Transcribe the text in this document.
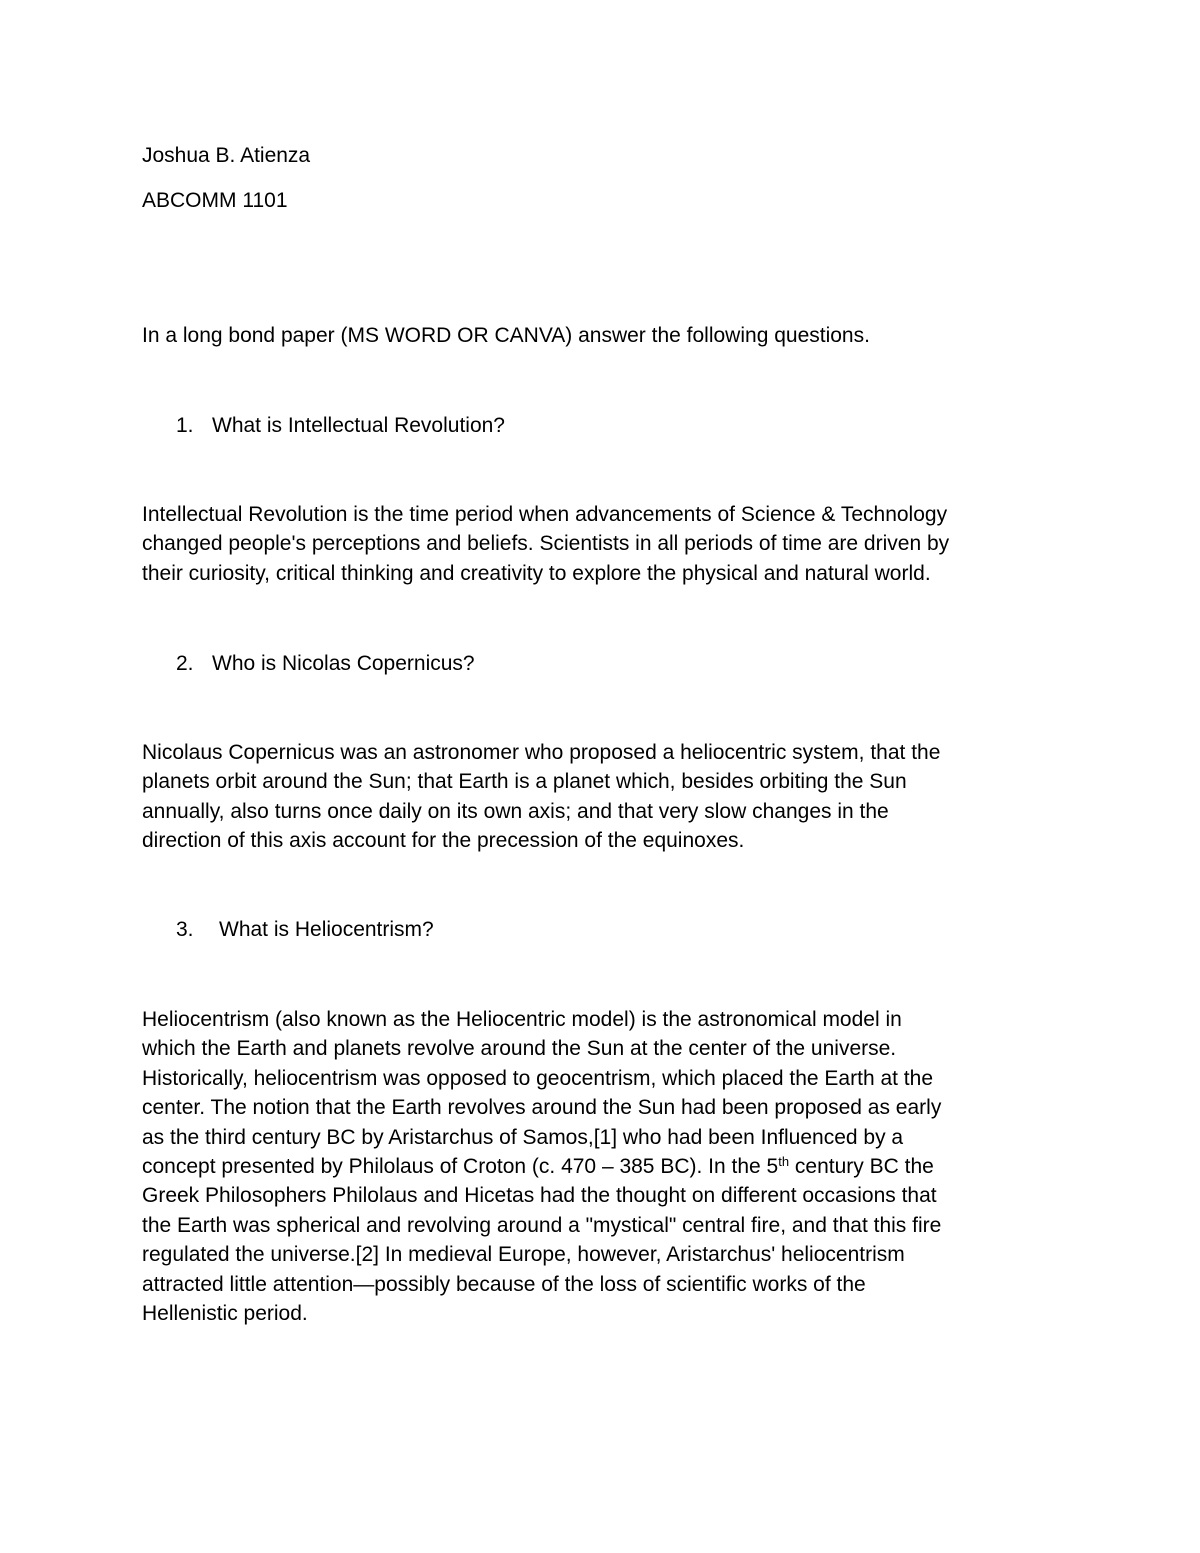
Joshua B. Atienza
ABCOMM 1101
In a long bond paper (MS WORD OR CANVA) answer the following questions.
1. What is Intellectual Revolution?
Intellectual Revolution is the time period when advancements of Science & Technology
changed people's perceptions and beliefs. Scientists in all periods of time are driven by
their curiosity, critical thinking and creativity to explore the physical and natural world.
2. Who is Nicolas Copernicus?
Nicolaus Copernicus was an astronomer who proposed a heliocentric system, that the
planets orbit around the Sun; that Earth is a planet which, besides orbiting the Sun
annually, also turns once daily on its own axis; and that very slow changes in the
direction of this axis account for the precession of the equinoxes.
3. What is Heliocentrism?
Heliocentrism (also known as the Heliocentric model) is the astronomical model in
which the Earth and planets revolve around the Sun at the center of the universe.
Historically, heliocentrism was opposed to geocentrism, which placed the Earth at the
center. The notion that the Earth revolves around the Sun had been proposed as early
as the third century BC by Aristarchus of Samos,[1] who had been Influenced by a
concept presented by Philolaus of Croton (c. 470 – 385 BC). In the 5th century BC the
Greek Philosophers Philolaus and Hicetas had the thought on different occasions that
the Earth was spherical and revolving around a "mystical" central fire, and that this fire
regulated the universe.[2] In medieval Europe, however, Aristarchus' heliocentrism
attracted little attention—possibly because of the loss of scientific works of the
Hellenistic period.
